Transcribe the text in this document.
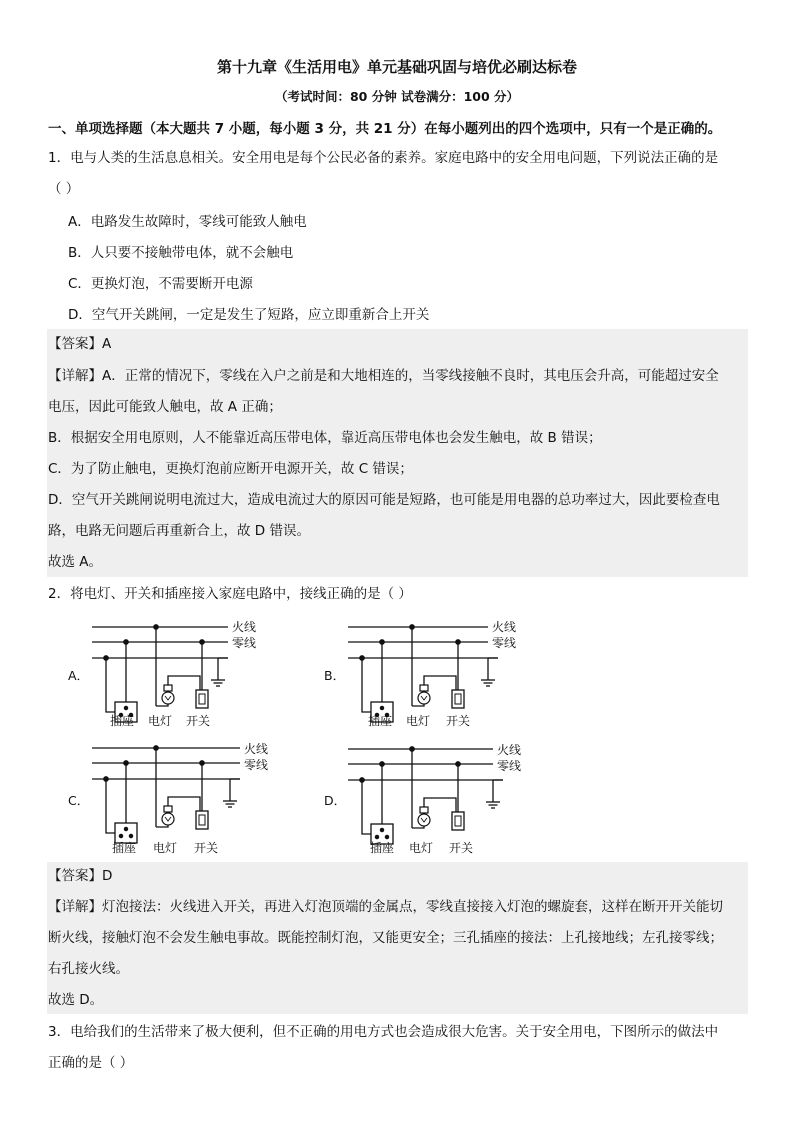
第十九章《生活用电》单元基础巩固与培优必刷达标卷
（考试时间：80 分钟 试卷满分：100 分）
一、单项选择题（本大题共 7 小题，每小题 3 分，共 21 分）在每小题列出的四个选项中，只有一个是正确的。
1．电与人类的生活息息相关。安全用电是每个公民必备的素养。家庭电路中的安全用电问题，下列说法正确的是
（ ）
A．电路发生故障时，零线可能致人触电
B．人只要不接触带电体，就不会触电
C．更换灯泡，不需要断开电源
D．空气开关跳闸，一定是发生了短路，应立即重新合上开关
【答案】A
【详解】A．正常的情况下，零线在入户之前是和大地相连的，当零线接触不良时，其电压会升高，可能超过安全
电压，因此可能致人触电，故 A 正确；
B．根据安全用电原则，人不能靠近高压带电体，靠近高压带电体也会发生触电，故 B 错误；
C．为了防止触电，更换灯泡前应断开电源开关，故 C 错误；
D．空气开关跳闸说明电流过大，造成电流过大的原因可能是短路，也可能是用电器的总功率过大，因此要检查电
路，电路无问题后再重新合上，故 D 错误。
故选 A。
2．将电灯、开关和插座接入家庭电路中，接线正确的是（ ）
A．	B．
C．	D．
火线
零线
插座 电灯 开关
火线
零线
插座 电灯 开关
火线
零线
插座 电灯 开关
火线
零线
插座 电灯 开关
【答案】D
【详解】灯泡接法：火线进入开关，再进入灯泡顶端的金属点，零线直接接入灯泡的螺旋套，这样在断开开关能切
断火线，接触灯泡不会发生触电事故。既能控制灯泡，又能更安全；三孔插座的接法：上孔接地线；左孔接零线；
右孔接火线。
故选 D。
3．电给我们的生活带来了极大便利，但不正确的用电方式也会造成很大危害。关于安全用电，下图所示的做法中
正确的是（ ）
